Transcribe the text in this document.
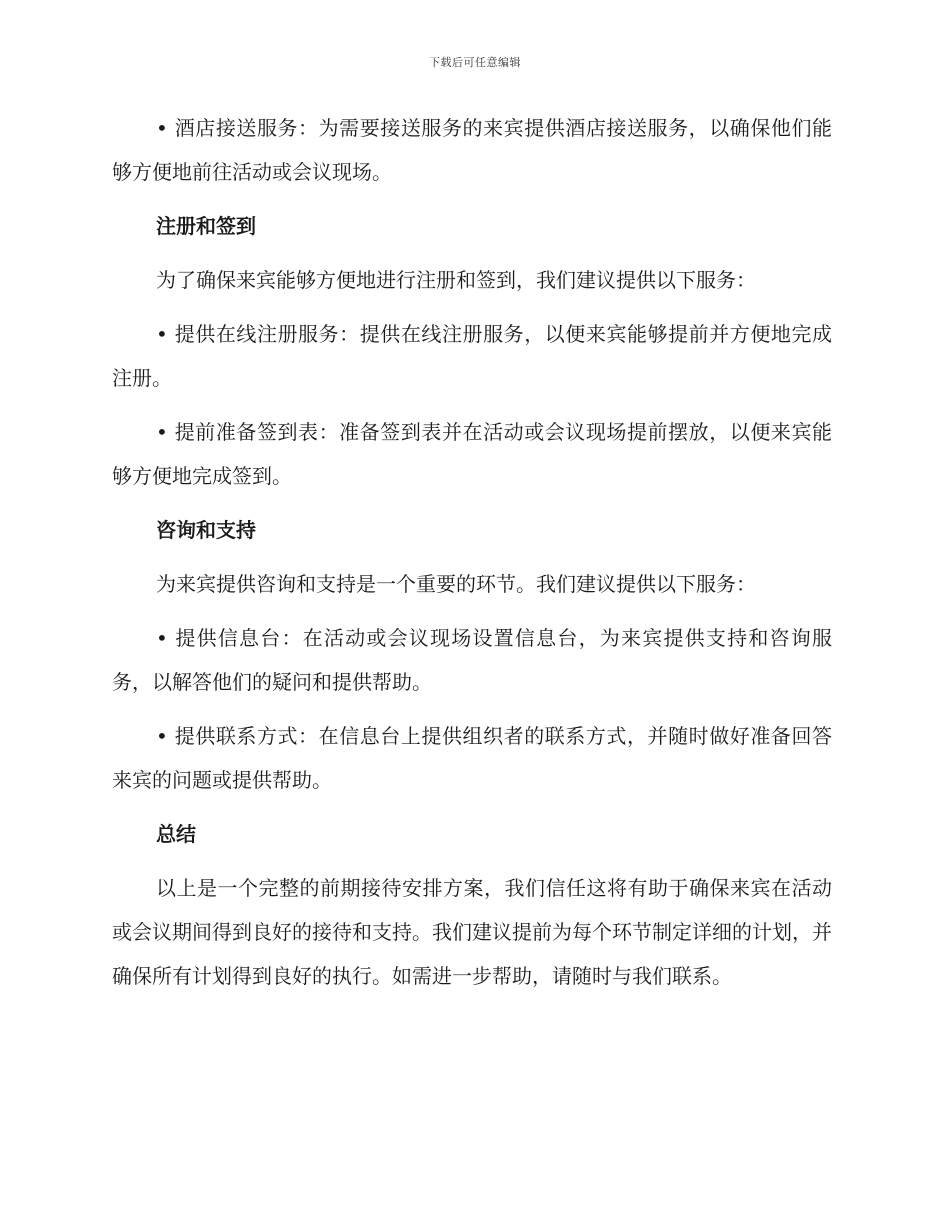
下载后可任意编辑

• 酒店接送服务：为需要接送服务的来宾提供酒店接送服务，以确保他们能够方便地前往活动或会议现场。

注册和签到

为了确保来宾能够方便地进行注册和签到，我们建议提供以下服务：

• 提供在线注册服务：提供在线注册服务，以便来宾能够提前并方便地完成注册。

• 提前准备签到表：准备签到表并在活动或会议现场提前摆放，以便来宾能够方便地完成签到。

咨询和支持

为来宾提供咨询和支持是一个重要的环节。我们建议提供以下服务：

• 提供信息台：在活动或会议现场设置信息台，为来宾提供支持和咨询服务，以解答他们的疑问和提供帮助。

• 提供联系方式：在信息台上提供组织者的联系方式，并随时做好准备回答来宾的问题或提供帮助。

总结

以上是一个完整的前期接待安排方案，我们信任这将有助于确保来宾在活动或会议期间得到良好的接待和支持。我们建议提前为每个环节制定详细的计划，并确保所有计划得到良好的执行。如需进一步帮助，请随时与我们联系。
